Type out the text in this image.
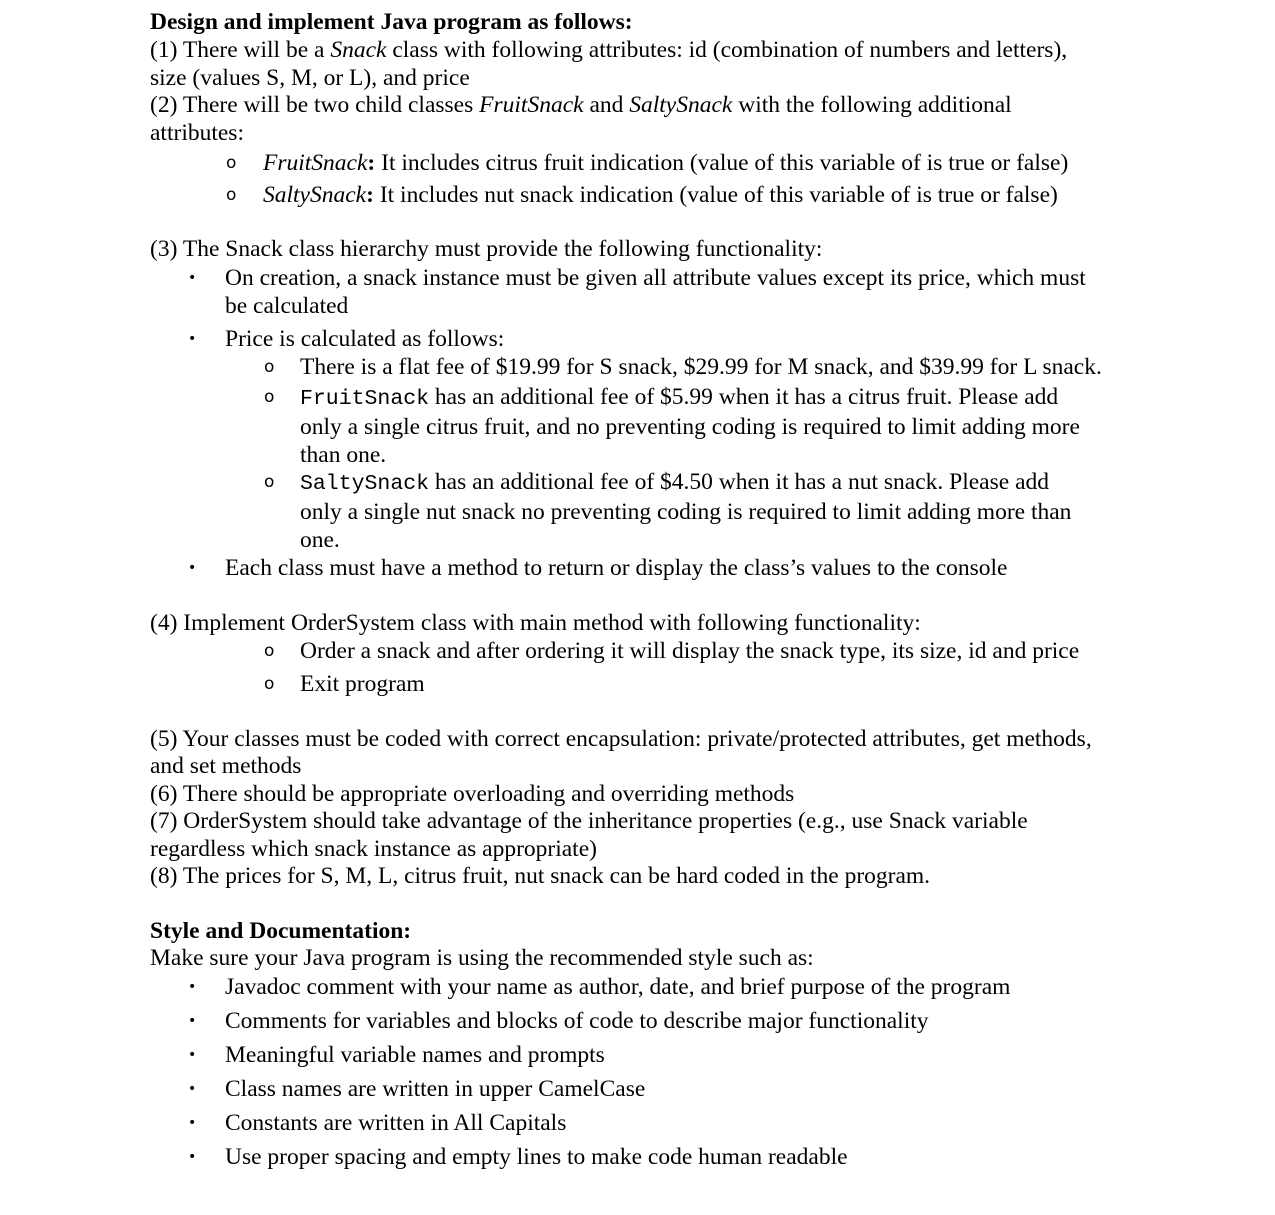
Design and implement Java program as follows:
(1) There will be a Snack class with following attributes: id (combination of numbers and letters),
size (values S, M, or L), and price
(2) There will be two child classes FruitSnack and SaltySnack with the following additional
attributes:
o FruitSnack: It includes citrus fruit indication (value of this variable of is true or false)
o SaltySnack: It includes nut snack indication (value of this variable of is true or false)
(3) The Snack class hierarchy must provide the following functionality:
• On creation, a snack instance must be given all attribute values except its price, which must
be calculated
• Price is calculated as follows:
o There is a flat fee of $19.99 for S snack, $29.99 for M snack, and $39.99 for L snack.
o FruitSnack has an additional fee of $5.99 when it has a citrus fruit. Please add
only a single citrus fruit, and no preventing coding is required to limit adding more
than one.
o SaltySnack has an additional fee of $4.50 when it has a nut snack. Please add
only a single nut snack no preventing coding is required to limit adding more than
one.
• Each class must have a method to return or display the class’s values to the console
(4) Implement OrderSystem class with main method with following functionality:
o Order a snack and after ordering it will display the snack type, its size, id and price
o Exit program
(5) Your classes must be coded with correct encapsulation: private/protected attributes, get methods,
and set methods
(6) There should be appropriate overloading and overriding methods
(7) OrderSystem should take advantage of the inheritance properties (e.g., use Snack variable
regardless which snack instance as appropriate)
(8) The prices for S, M, L, citrus fruit, nut snack can be hard coded in the program.
Style and Documentation:
Make sure your Java program is using the recommended style such as:
• Javadoc comment with your name as author, date, and brief purpose of the program
• Comments for variables and blocks of code to describe major functionality
• Meaningful variable names and prompts
• Class names are written in upper CamelCase
• Constants are written in All Capitals
• Use proper spacing and empty lines to make code human readable
